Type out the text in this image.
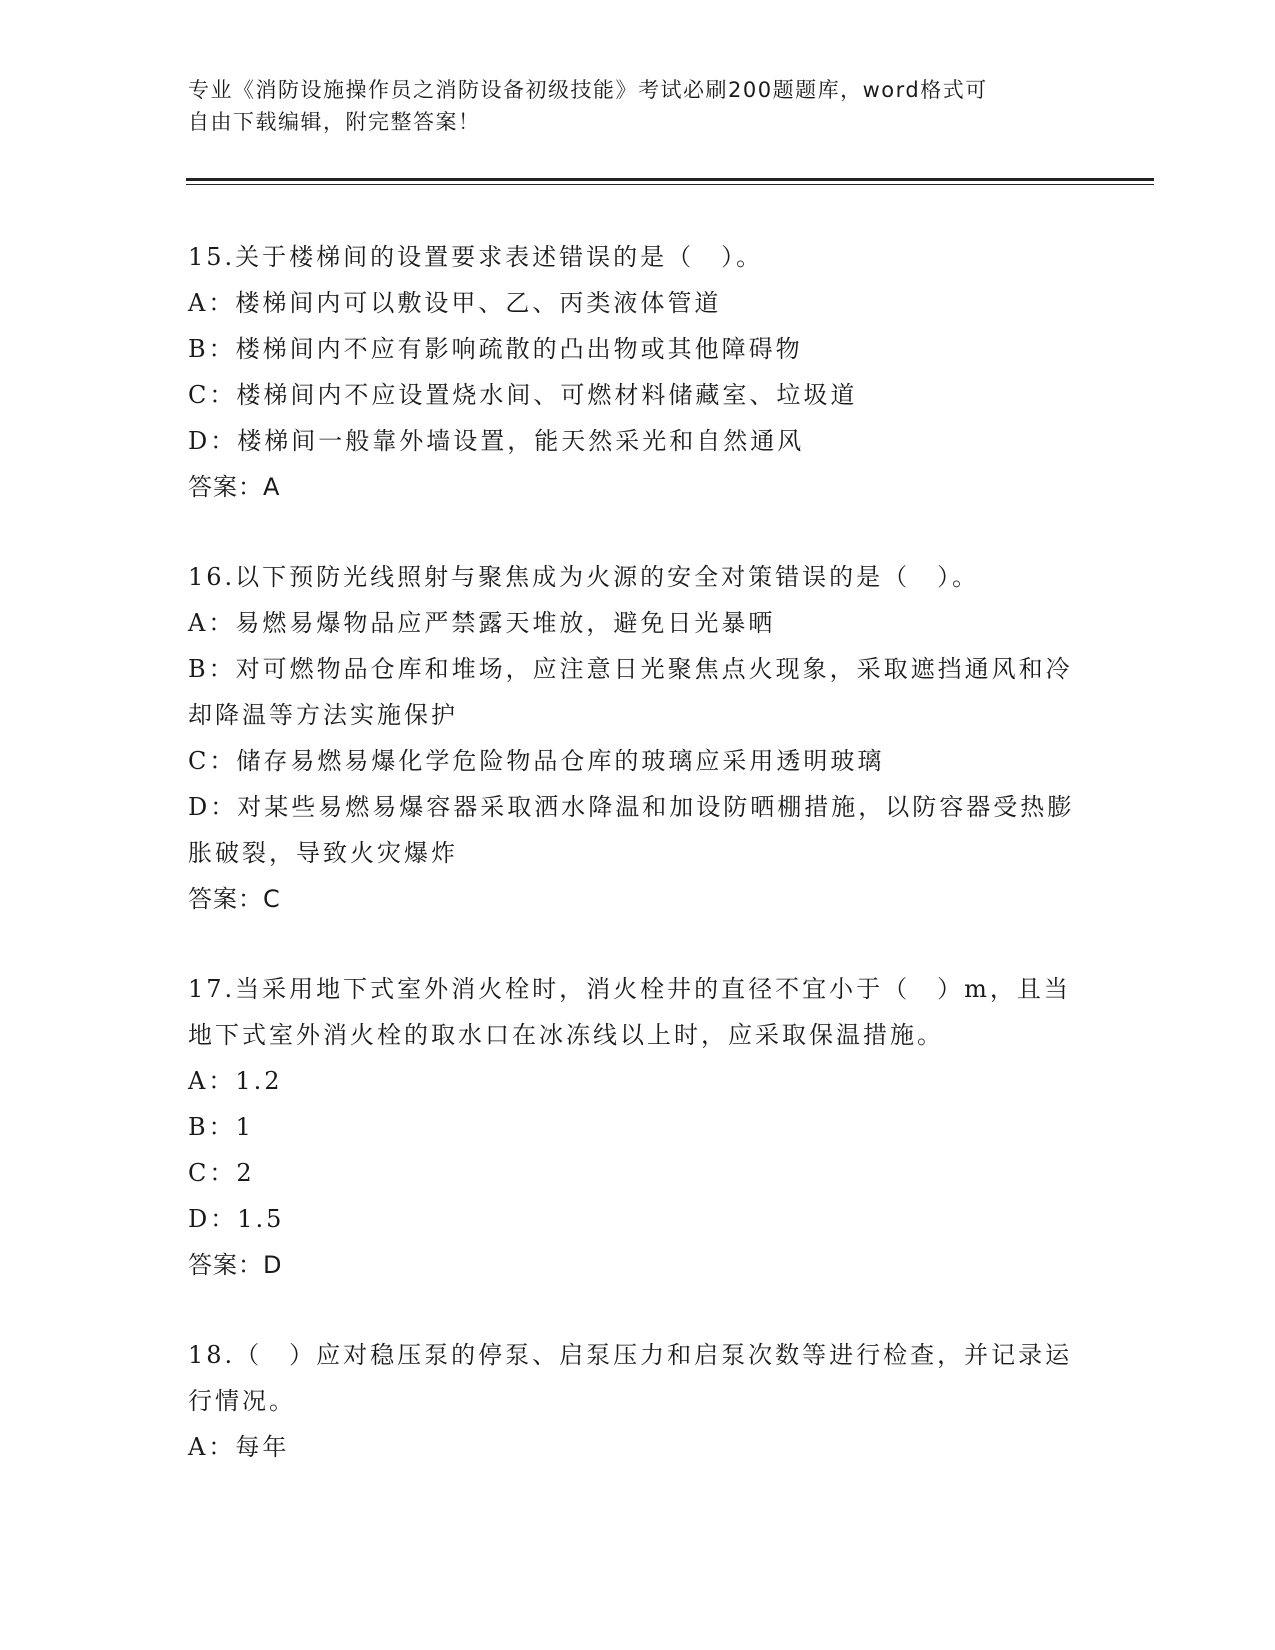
专业《消防设施操作员之消防设备初级技能》考试必刷200题题库，word格式可
自由下载编辑，附完整答案！
15.关于楼梯间的设置要求表述错误的是（　）。
A：楼梯间内可以敷设甲、乙、丙类液体管道
B：楼梯间内不应有影响疏散的凸出物或其他障碍物
C：楼梯间内不应设置烧水间、可燃材料储藏室、垃圾道
D：楼梯间一般靠外墙设置，能天然采光和自然通风
答案：A
16.以下预防光线照射与聚焦成为火源的安全对策错误的是（　）。
A：易燃易爆物品应严禁露天堆放，避免日光暴晒
B：对可燃物品仓库和堆场，应注意日光聚焦点火现象，采取遮挡通风和冷却降温等方法实施保护
C：储存易燃易爆化学危险物品仓库的玻璃应采用透明玻璃
D：对某些易燃易爆容器采取洒水降温和加设防晒棚措施，以防容器受热膨胀破裂，导致火灾爆炸
答案：C
17.当采用地下式室外消火栓时，消火栓井的直径不宜小于（　）m，且当地下式室外消火栓的取水口在冰冻线以上时，应采取保温措施。
A：1.2
B：1
C：2
D：1.5
答案：D
18.（　）应对稳压泵的停泵、启泵压力和启泵次数等进行检查，并记录运行情况。
A：每年
